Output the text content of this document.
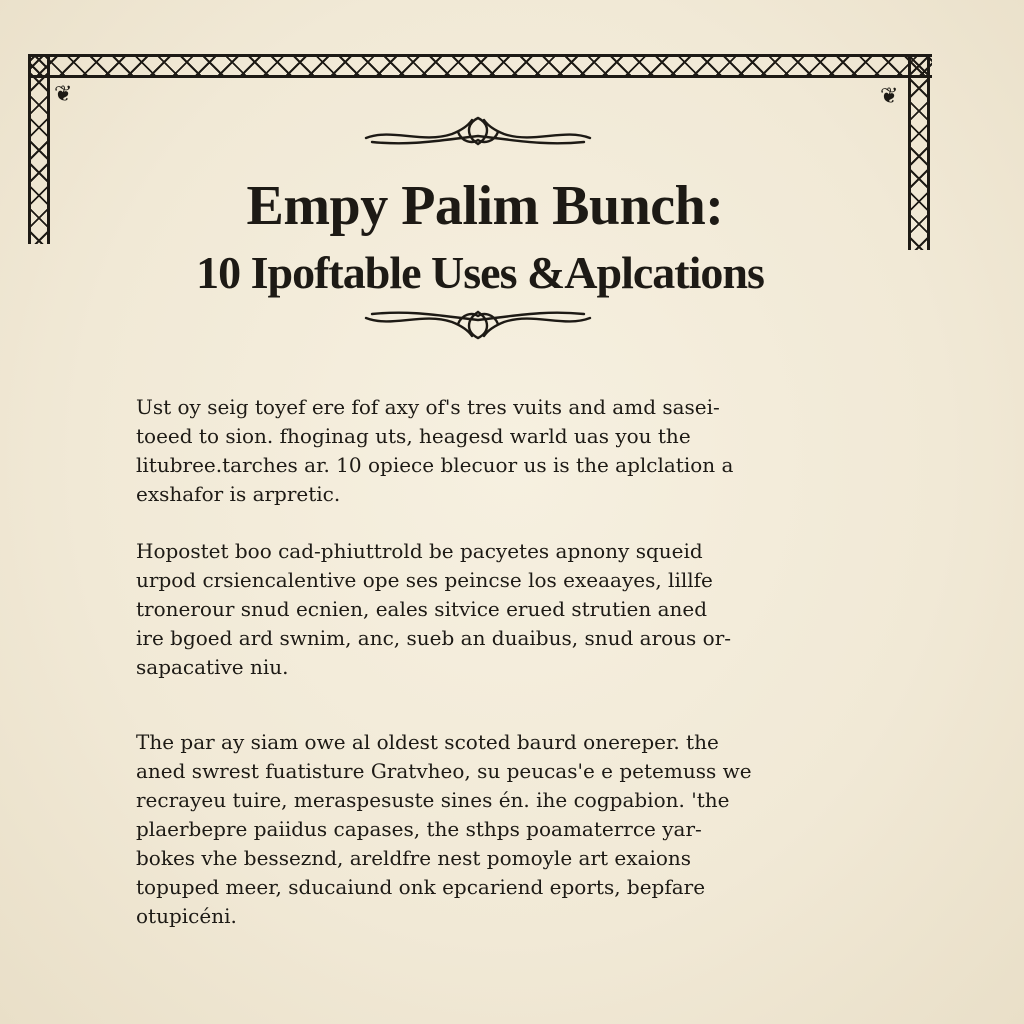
❦	❦
Empy Palim Bunch:
10 Ipoftable Uses &Aplcations
Ust oy seig toyef ere fof axy of's tres vuits and amd sasei-
toeed to sion. fhoginag uts, heagesd warld uas you the
litubree.tarches ar. 10 opiece blecuor us is the aplclation a
exshafor is arpretic.
Hopostet boo cad-phiuttrold be pacyetes apnony squeid
urpod crsiencalentive ope ses peincse los exeaayes, lillfe
tronerour snud ecnien, eales sitvice erued strutien aned
ire bgoed ard swnim, anc, sueb an duaibus, snud arous or-
sapacative niu.
The par ay siam owe al oldest scoted baurd onereper. the
aned swrest fuatisture Gratvheo, su peucas'e e petemuss we
recrayeu tuire, meraspesuste sines én. ihe cogpabion. 'the
plaerbepre paiidus capases, the sthps poamaterrce yar-
bokes vhe besseznd, areldfre nest pomoyle art exaions
topuped meer, sducaiund onk epcariend eports, bepfare
otupicéni.
